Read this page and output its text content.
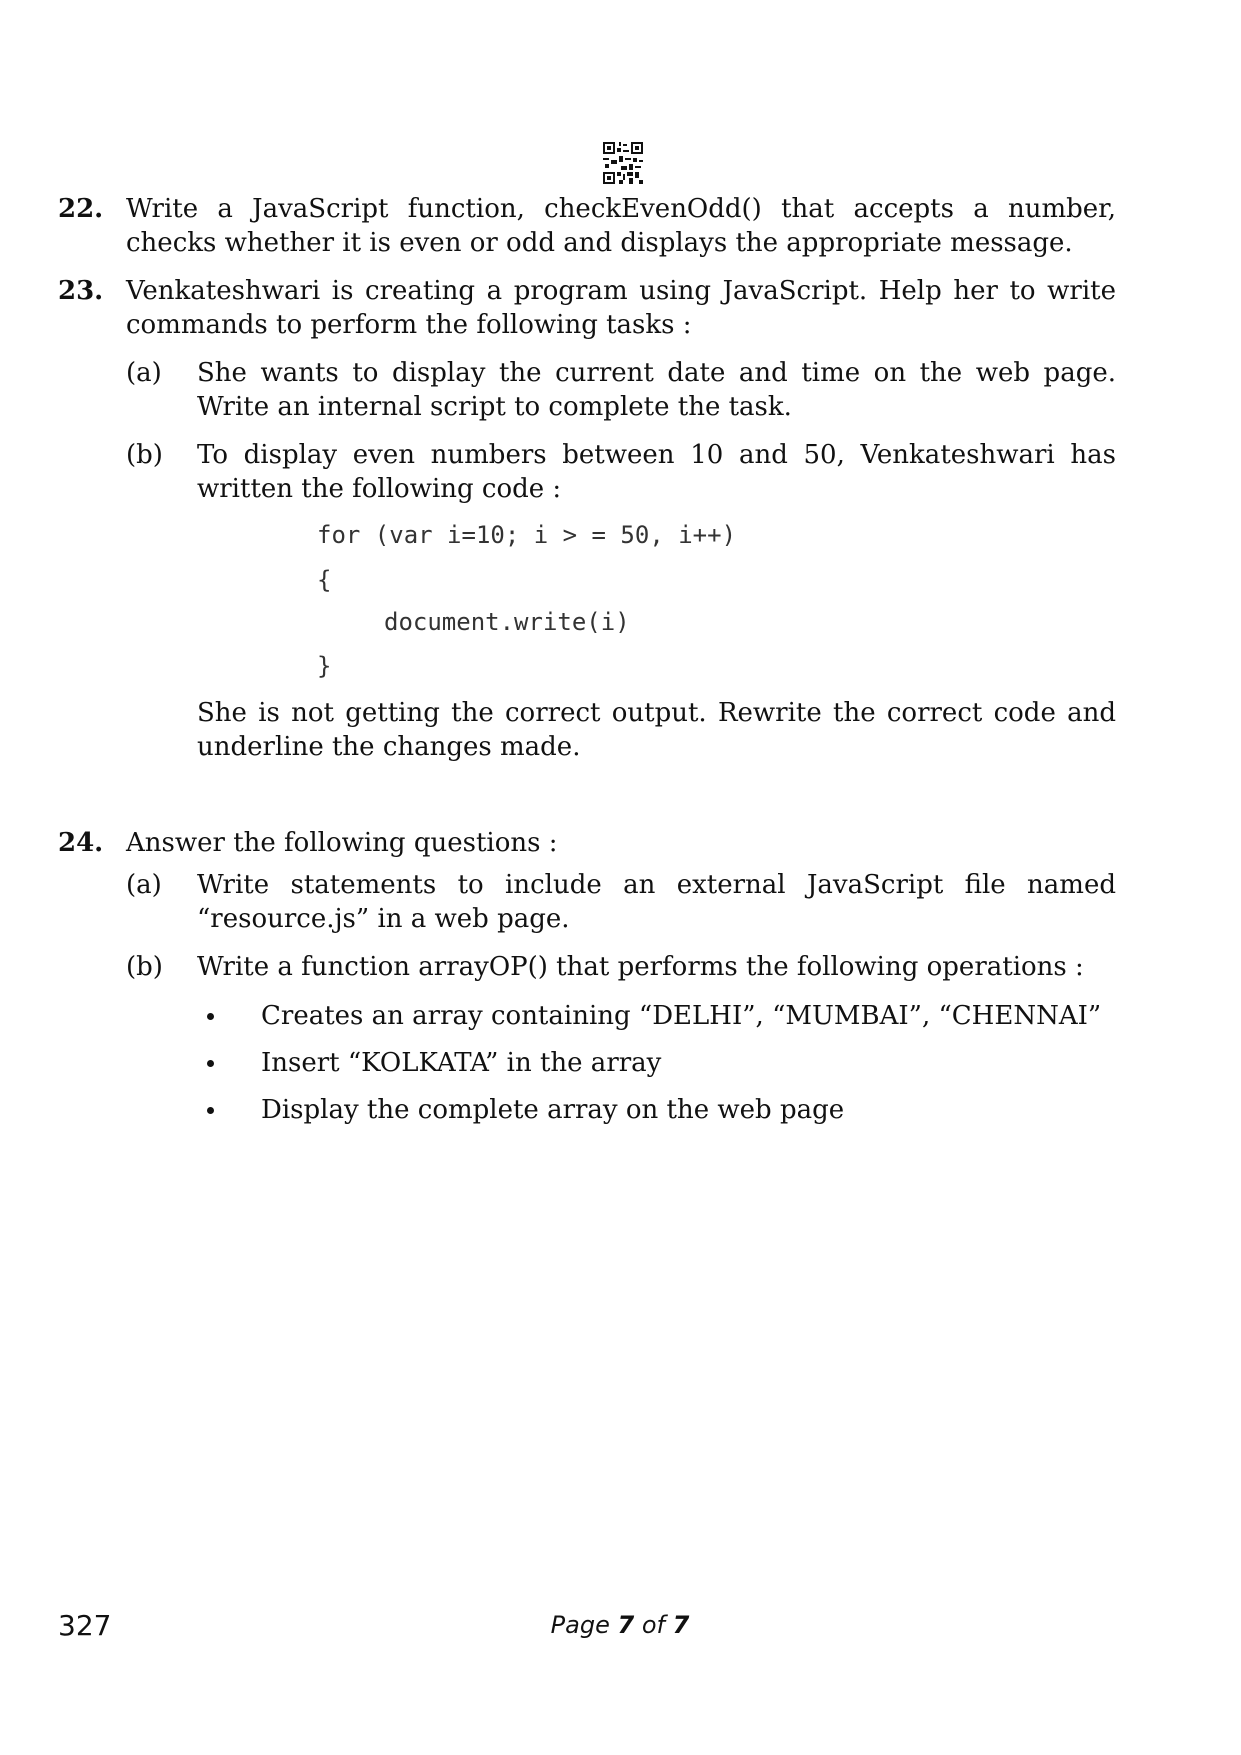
22. Write a JavaScript function, checkEvenOdd() that accepts a number, checks whether it is even or odd and displays the appropriate message.
23. Venkateshwari is creating a program using JavaScript. Help her to write commands to perform the following tasks :
(a) She wants to display the current date and time on the web page. Write an internal script to complete the task.
(b) To display even numbers between 10 and 50, Venkateshwari has written the following code :
for (var i=10; i > = 50, i++)
{
document.write(i)
}
She is not getting the correct output. Rewrite the correct code and underline the changes made.
24. Answer the following questions :
(a) Write statements to include an external JavaScript file named “resource.js” in a web page.
(b) Write a function arrayOP() that performs the following operations :
Creates an array containing “DELHI”, “MUMBAI”, “CHENNAI”
Insert “KOLKATA” in the array
Display the complete array on the web page
327	Page 7 of 7
